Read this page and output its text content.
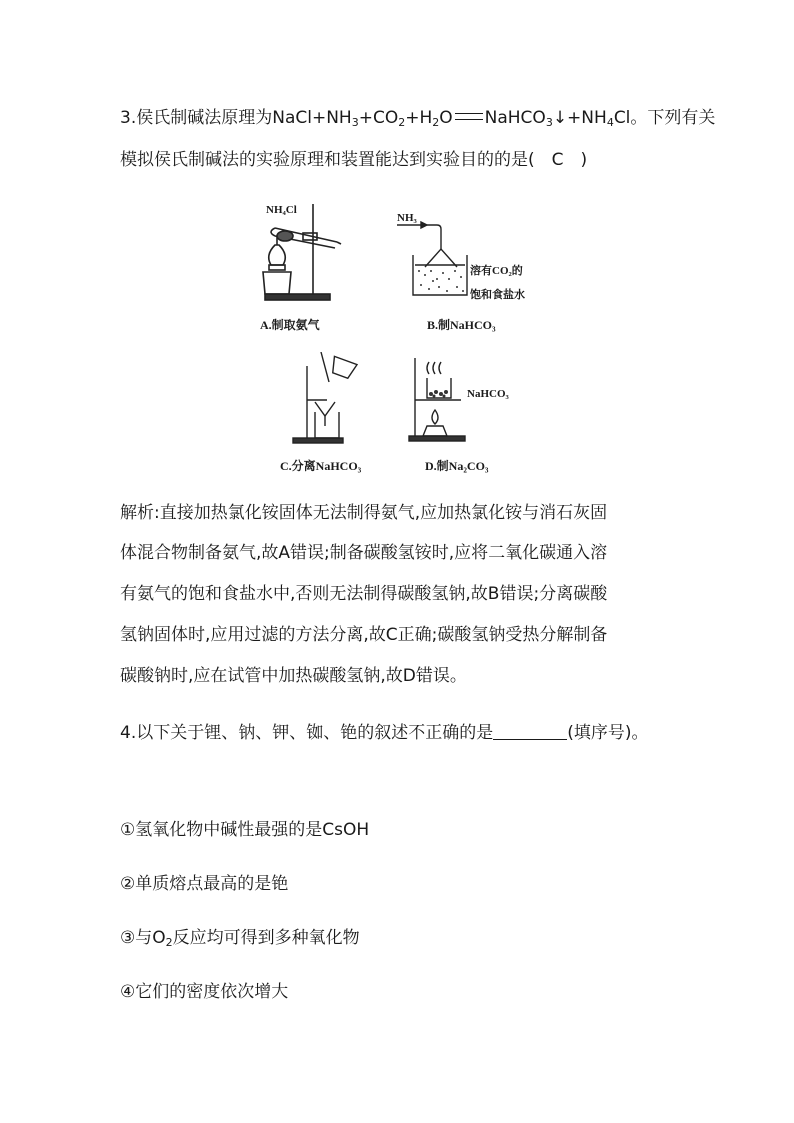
3.侯氏制碱法原理为$NaCl+NH_3+CO_2+H_2O$ $NaHCO_3↓+NH_4Cl$。下列有关
模拟侯氏制碱法的实验原理和装置能达到实验目的的是(　C　)
NH₄Cl
A.制取氨气
NH₃
溶有CO₂的
饱和食盐水
B.制NaHCO₃
C.分离NaHCO₃
NaHCO₃
D.制Na₂CO₃
解析:直接加热氯化铵固体无法制得氨气,应加热氯化铵与消石灰固
体混合物制备氨气,故A错误;制备碳酸氢铵时,应将二氧化碳通入溶
有氨气的饱和食盐水中,否则无法制得碳酸氢钠,故B错误;分离碳酸
氢钠固体时,应用过滤的方法分离,故C正确;碳酸氢钠受热分解制备
碳酸钠时,应在试管中加热碳酸氢钠,故D错误。
4.以下关于锂、钠、钾、铷、铯的叙述不正确的是	(填序号)。
①氢氧化物中碱性最强的是CsOH
②单质熔点最高的是铯
③与$O_2$反应均可得到多种氧化物
④它们的密度依次增大
